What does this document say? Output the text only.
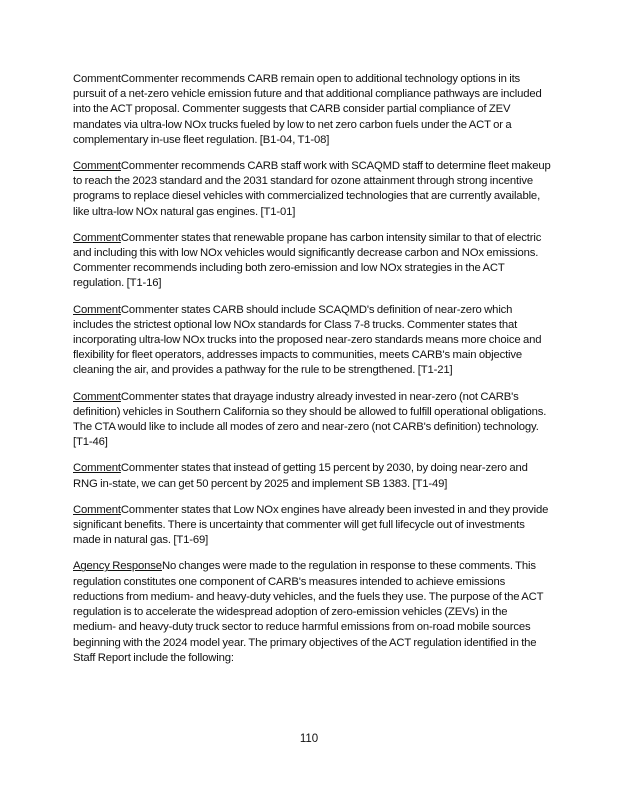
CommentCommenter recommends CARB remain open to additional technology options in its pursuit of a net-zero vehicle emission future and that additional compliance pathways are included into the ACT proposal. Commenter suggests that CARB consider partial compliance of ZEV mandates via ultra-low NOx trucks fueled by low to net zero carbon fuels under the ACT or a complementary in-use fleet regulation. [B1-04, T1-08]

CommentCommenter recommends CARB staff work with SCAQMD staff to determine fleet makeup to reach the 2023 standard and the 2031 standard for ozone attainment through strong incentive programs to replace diesel vehicles with commercialized technologies that are currently available, like ultra-low NOx natural gas engines. [T1-01]

CommentCommenter states that renewable propane has carbon intensity similar to that of electric and including this with low NOx vehicles would significantly decrease carbon and NOx emissions. Commenter recommends including both zero-emission and low NOx strategies in the ACT regulation. [T1-16]

CommentCommenter states CARB should include SCAQMD's definition of near-zero which includes the strictest optional low NOx standards for Class 7-8 trucks. Commenter states that incorporating ultra-low NOx trucks into the proposed near-zero standards means more choice and flexibility for fleet operators, addresses impacts to communities, meets CARB's main objective cleaning the air, and provides a pathway for the rule to be strengthened. [T1-21]

CommentCommenter states that drayage industry already invested in near-zero (not CARB's definition) vehicles in Southern California so they should be allowed to fulfill operational obligations. The CTA would like to include all modes of zero and near-zero (not CARB's definition) technology. [T1-46]

CommentCommenter states that instead of getting 15 percent by 2030, by doing near-zero and RNG in-state, we can get 50 percent by 2025 and implement SB 1383. [T1-49]

CommentCommenter states that Low NOx engines have already been invested in and they provide significant benefits. There is uncertainty that commenter will get full lifecycle out of investments made in natural gas. [T1-69]

Agency ResponseNo changes were made to the regulation in response to these comments. This regulation constitutes one component of CARB's measures intended to achieve emissions reductions from medium- and heavy-duty vehicles, and the fuels they use. The purpose of the ACT regulation is to accelerate the widespread adoption of zero-emission vehicles (ZEVs) in the medium- and heavy-duty truck sector to reduce harmful emissions from on-road mobile sources beginning with the 2024 model year. The primary objectives of the ACT regulation identified in the Staff Report include the following:

110
